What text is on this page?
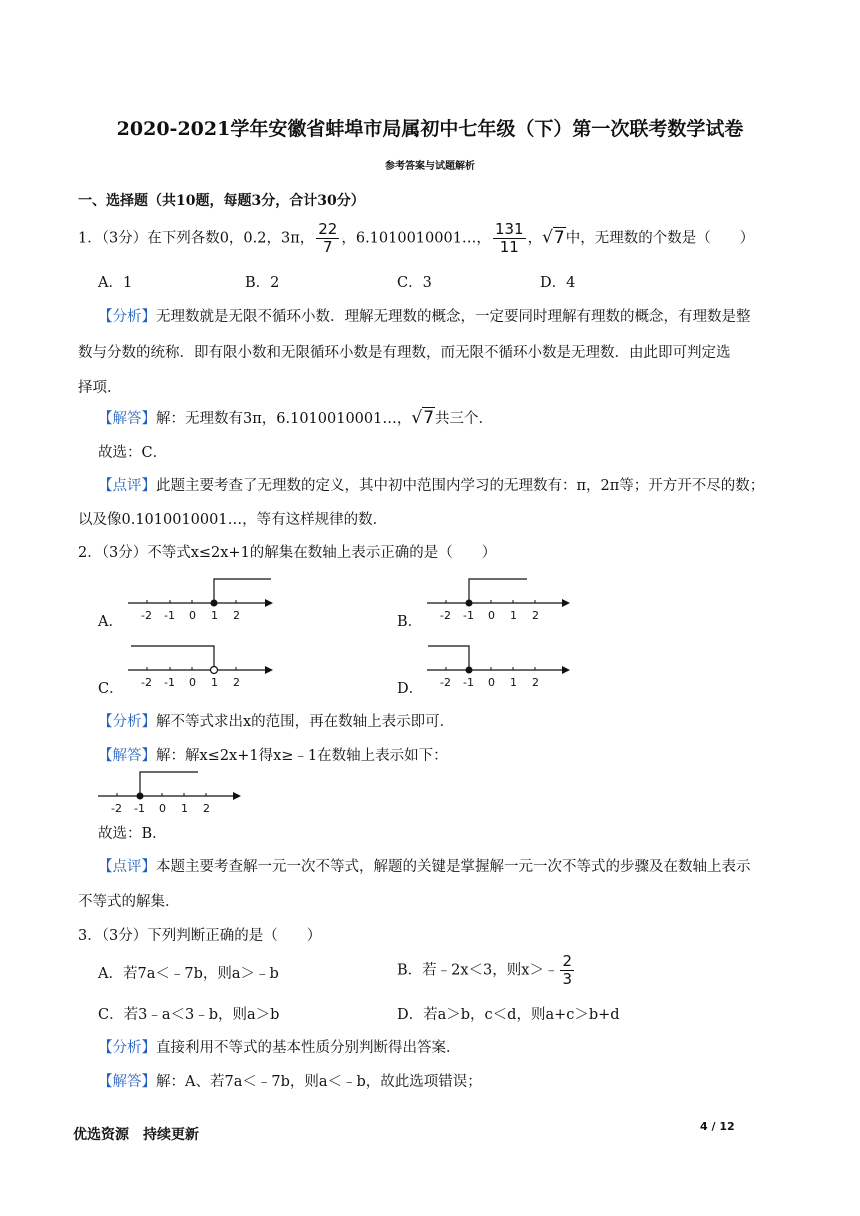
2020-2021学年安徽省蚌埠市局属初中七年级（下）第一次联考数学试卷
参考答案与试题解析
一、选择题（共10题，每题3分，合计30分）
1．（3分）在下列各数0，0.2，3π， $\frac{22}{7}$ ，6.1010010001…， $\frac{131}{11}$ ，√7中，无理数的个数是（　　）
A．1	B．2	C．3	D．4
【分析】无理数就是无限不循环小数．理解无理数的概念，一定要同时理解有理数的概念，有理数是整
数与分数的统称．即有限小数和无限循环小数是有理数，而无限不循环小数是无理数．由此即可判定选
择项．
【解答】解：无理数有3π，6.1010010001…，√7共三个．
故选：C．
【点评】此题主要考查了无理数的定义，其中初中范围内学习的无理数有：π，2π等；开方开不尽的数；
以及像0.1010010001…，等有这样规律的数．
2．（3分）不等式x≤2x+1的解集在数轴上表示正确的是（　　）
A． -2 -1 0 1 2	B． -2 -1 0 1 2
C． -2 -1 0 1 2	D． -2 -1 0 1 2
【分析】解不等式求出x的范围，再在数轴上表示即可．
【解答】解：解x≤2x+1得x≥﹣1在数轴上表示如下：
-2 -1 0 1 2
故选：B．
【点评】本题主要考查解一元一次不等式，解题的关键是掌握解一元一次不等式的步骤及在数轴上表示
不等式的解集．
3．（3分）下列判断正确的是（　　）
A．若7a＜﹣7b，则a＞﹣b	B．若﹣2x＜3，则x＞﹣ $\frac{2}{3}$
C．若3﹣a＜3﹣b，则a＞b	D．若a＞b，c＜d，则a+c＞b+d
【分析】直接利用不等式的基本性质分别判断得出答案．
【解答】解：A、若7a＜﹣7b，则a＜﹣b，故此选项错误；
优选资源　持续更新
4 / 12
